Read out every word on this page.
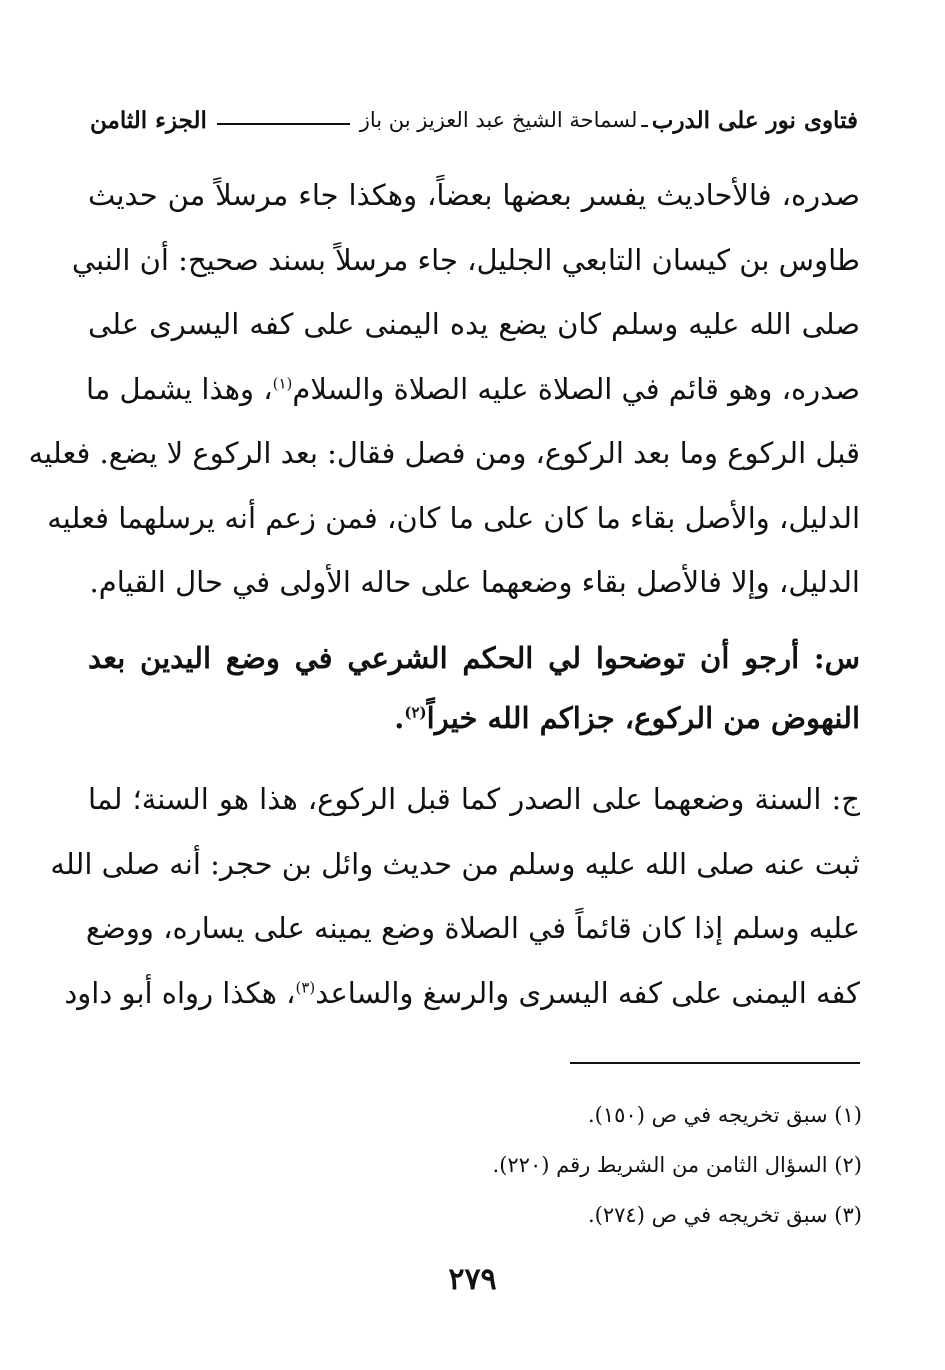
فتاوى نور على الدرب
ـ
لسماحة الشيخ عبد العزيز بن باز
الجزء الثامن
صدره، فالأحاديث يفسر بعضها بعضاً، وهكذا جاء مرسلاً من حديث
طاوس بن كيسان التابعي الجليل، جاء مرسلاً بسند صحيح: أن النبي
صلى الله عليه وسلم كان يضع يده اليمنى على كفه اليسرى على
صدره، وهو قائم في الصلاة عليه الصلاة والسلام$^{(١)}$، وهذا يشمل ما
قبل الركوع وما بعد الركوع، ومن فصل فقال: بعد الركوع لا يضع. فعليه
الدليل، والأصل بقاء ما كان على ما كان، فمن زعم أنه يرسلهما فعليه
الدليل، وإلا فالأصل بقاء وضعهما على حاله الأولى في حال القيام.
س: أرجو أن توضحوا لي الحكم الشرعي في وضع اليدين بعد
النهوض من الركوع، جزاكم الله خيراً$^{(٢)}$.
ج: السنة وضعهما على الصدر كما قبل الركوع، هذا هو السنة؛ لما
ثبت عنه صلى الله عليه وسلم من حديث وائل بن حجر: أنه صلى الله
عليه وسلم إذا كان قائماً في الصلاة وضع يمينه على يساره، ووضع
كفه اليمنى على كفه اليسرى والرسغ والساعد$^{(٣)}$، هكذا رواه أبو داود
(١) سبق تخريجه في ص (١٥٠).
(٢) السؤال الثامن من الشريط رقم (٢٢٠).
(٣) سبق تخريجه في ص (٢٧٤).
٢٧٩
